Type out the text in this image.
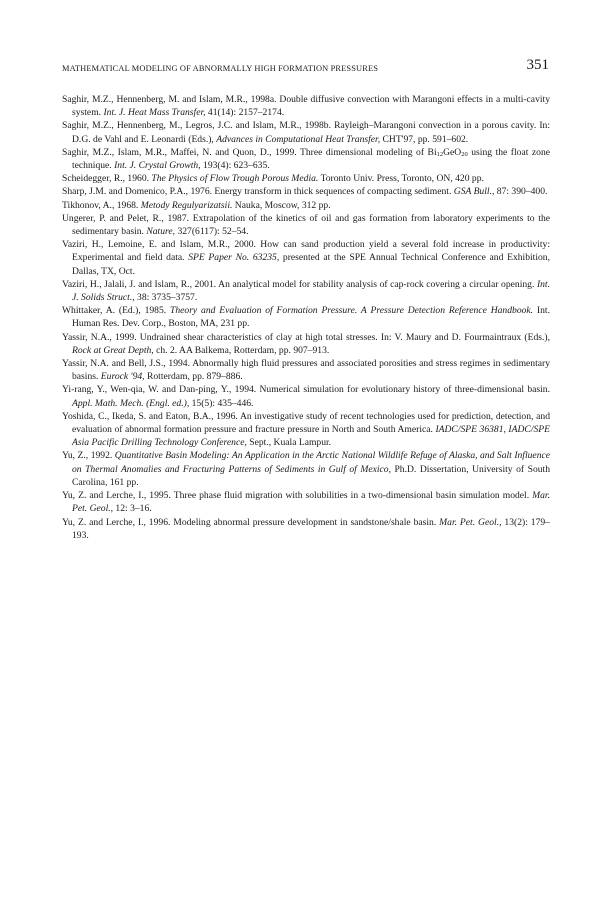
MATHEMATICAL MODELING OF ABNORMALLY HIGH FORMATION PRESSURES	351
Saghir, M.Z., Hennenberg, M. and Islam, M.R., 1998a. Double diffusive convection with Marangoni effects in a multi-cavity system. Int. J. Heat Mass Transfer, 41(14): 2157–2174.
Saghir, M.Z., Hennenberg, M., Legros, J.C. and Islam, M.R., 1998b. Rayleigh–Marangoni convection in a porous cavity. In: D.G. de Vahl and E. Leonardi (Eds.), Advances in Computational Heat Transfer, CHT'97, pp. 591–602.
Saghir, M.Z., Islam, M.R., Maffei, N. and Quon, D., 1999. Three dimensional modeling of $Bi_{12}GeO_{20}$ using the float zone technique. Int. J. Crystal Growth, 193(4): 623–635.
Scheidegger, R., 1960. The Physics of Flow Trough Porous Media. Toronto Univ. Press, Toronto, ON, 420 pp.
Sharp, J.M. and Domenico, P.A., 1976. Energy transform in thick sequences of compacting sediment. GSA Bull., 87: 390–400.
Tikhonov, A., 1968. Metody Regulyarizatsii. Nauka, Moscow, 312 pp.
Ungerer, P. and Pelet, R., 1987. Extrapolation of the kinetics of oil and gas formation from laboratory experiments to the sedimentary basin. Nature, 327(6117): 52–54.
Vaziri, H., Lemoine, E. and Islam, M.R., 2000. How can sand production yield a several fold increase in productivity: Experimental and field data. SPE Paper No. 63235, presented at the SPE Annual Technical Conference and Exhibition, Dallas, TX, Oct.
Vaziri, H., Jalali, J. and Islam, R., 2001. An analytical model for stability analysis of cap-rock covering a circular opening. Int. J. Solids Struct., 38: 3735–3757.
Whittaker, A. (Ed.), 1985. Theory and Evaluation of Formation Pressure. A Pressure Detection Reference Handbook. Int. Human Res. Dev. Corp., Boston, MA, 231 pp.
Yassir, N.A., 1999. Undrained shear characteristics of clay at high total stresses. In: V. Maury and D. Fourmaintraux (Eds.), Rock at Great Depth, ch. 2. AA Balkema, Rotterdam, pp. 907–913.
Yassir, N.A. and Bell, J.S., 1994. Abnormally high fluid pressures and associated porosities and stress regimes in sedimentary basins. Eurock '94, Rotterdam, pp. 879–886.
Yi-rang, Y., Wen-qia, W. and Dan-ping, Y., 1994. Numerical simulation for evolutionary history of three-dimensional basin. Appl. Math. Mech. (Engl. ed.), 15(5): 435–446.
Yoshida, C., Ikeda, S. and Eaton, B.A., 1996. An investigative study of recent technologies used for prediction, detection, and evaluation of abnormal formation pressure and fracture pressure in North and South America. IADC/SPE 36381, IADC/SPE Asia Pacific Drilling Technology Conference, Sept., Kuala Lampur.
Yu, Z., 1992. Quantitative Basin Modeling: An Application in the Arctic National Wildlife Refuge of Alaska, and Salt Influence on Thermal Anomalies and Fracturing Patterns of Sediments in Gulf of Mexico, Ph.D. Dissertation, University of South Carolina, 161 pp.
Yu, Z. and Lerche, I., 1995. Three phase fluid migration with solubilities in a two-dimensional basin simulation model. Mar. Pet. Geol., 12: 3–16.
Yu, Z. and Lerche, I., 1996. Modeling abnormal pressure development in sandstone/shale basin. Mar. Pet. Geol., 13(2): 179–193.
